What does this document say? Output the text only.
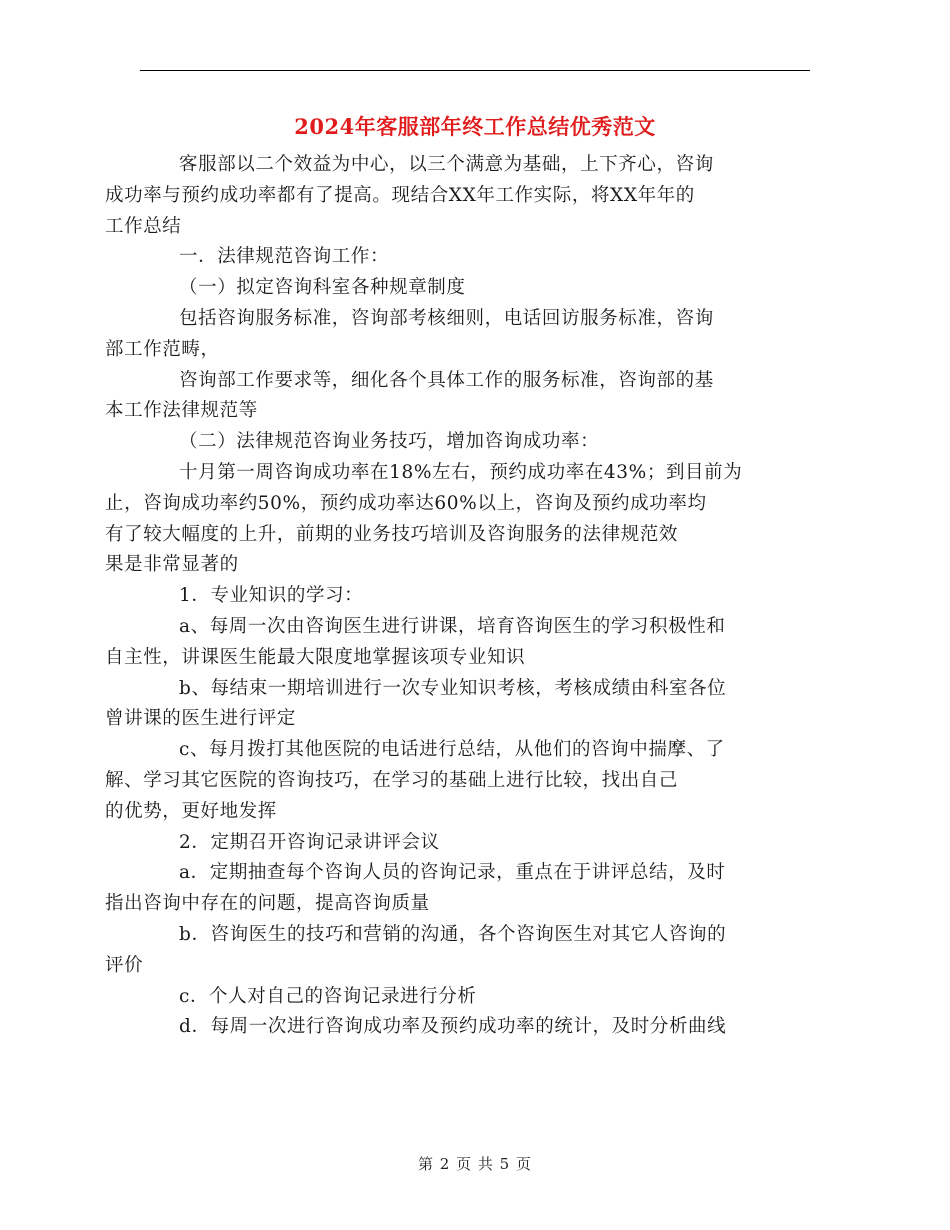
2024年客服部年终工作总结优秀范文
客服部以二个效益为中心，以三个满意为基础，上下齐心，咨询
成功率与预约成功率都有了提高。现结合XX年工作实际，将XX年年的
工作总结
一．法律规范咨询工作：
（一）拟定咨询科室各种规章制度
包括咨询服务标准，咨询部考核细则，电话回访服务标准，咨询
部工作范畴，
咨询部工作要求等，细化各个具体工作的服务标准，咨询部的基
本工作法律规范等
（二）法律规范咨询业务技巧，增加咨询成功率：
十月第一周咨询成功率在18%左右，预约成功率在43%；到目前为
止，咨询成功率约50%，预约成功率达60%以上，咨询及预约成功率均
有了较大幅度的上升，前期的业务技巧培训及咨询服务的法律规范效
果是非常显著的
1．专业知识的学习：
a、每周一次由咨询医生进行讲课，培育咨询医生的学习积极性和
自主性，讲课医生能最大限度地掌握该项专业知识
b、每结束一期培训进行一次专业知识考核，考核成绩由科室各位
曾讲课的医生进行评定
c、每月拨打其他医院的电话进行总结，从他们的咨询中揣摩、了
解、学习其它医院的咨询技巧，在学习的基础上进行比较，找出自己
的优势，更好地发挥
2．定期召开咨询记录讲评会议
a．定期抽查每个咨询人员的咨询记录，重点在于讲评总结，及时
指出咨询中存在的问题，提高咨询质量
b．咨询医生的技巧和营销的沟通，各个咨询医生对其它人咨询的
评价
c．个人对自己的咨询记录进行分析
d．每周一次进行咨询成功率及预约成功率的统计，及时分析曲线
第 2 页 共 5 页
